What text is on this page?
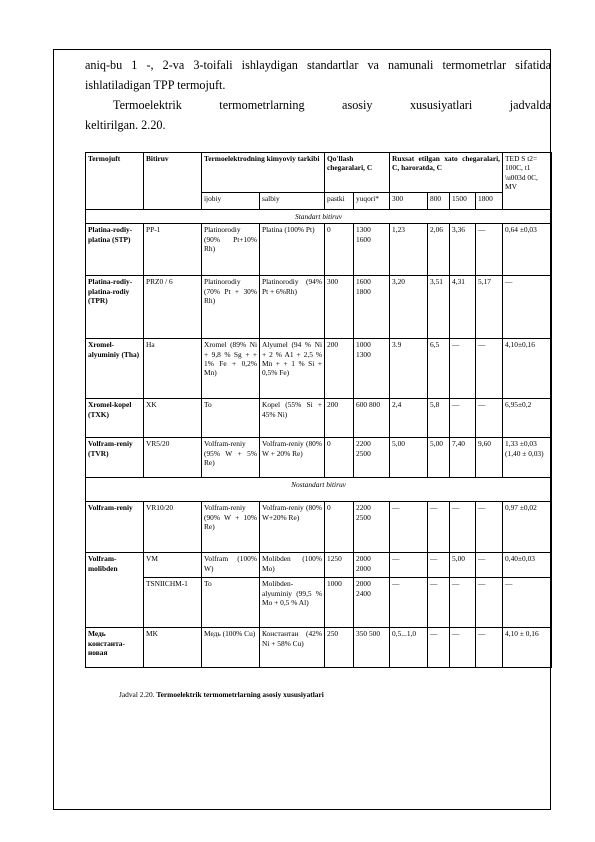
aniq-bu 1 -, 2-va 3-toifali ishlaydigan standartlar va namunali termometrlar sifatida

ishlatiladigan TPP termojuft.

Termoelektrik termometrlarning asosiy xususiyatlari jadvalda

keltirilgan. 2.20.

Termojuft	Bitiruv	Termoelektrodning kimyoviy tarkibi		Qo'llash chegaralari, C		Ruxsat etilgan xato chegaralari, C, haroratda, C				TED S t2= 100C, t1 \u003d 0C, MV
		ijobiy	salbiy	pastki	yuqori*	300	800	1500	1800	
Standart bitiruv										
Platina-rodiy-platina (STP)	PP-1	Platinorodiy (90% Pt+10% Rh)	Platina (100% Pt)	0	1300 1600	1,23	2,06	3,36	—	0,64 ±0,03
Platina-rodiy-platina-rodiy (TPR)	PRZ0 / 6	Platinorodiy (70% Pt + 30% Rh)	Platinorodiy (94% Pt + 6%Rh)	300	1600 1800	3,20	3,51	4,31	5,17	—
Xromel-alyuminiy (Tha)	Ha	Xromel (89% Ni + 9,8 % Sg + + 1% Fe + 0,2% Mn)	Alyumel (94 % Ni + 2 % A1 + 2,5 % Mn + + 1 % Si + 0,5% Fe)	200	1000 1300	3.9	6,5	—	—	4,10±0,16
Xromel-kopel (TXK)	XK	To	Kopel (55% Si + 45% Ni)	200	600 800	2,4	5,8	—	—	6,95±0,2
Volfram-reniy (TVR)	VR5/20	Volfram-reniy (95% W + 5% Re)	Volfram-reniy (80% W + 20% Re)	0	2200 2500	5,00	5,00	7,40	9,60	1,33 ±0,03 (1,40 ± 0,03)
Nostandart bitiruv										
Volfram-reniy	VR10/20	Volfram-reniy (90% W + 10% Re)	Volfram-reniy (80% W+20% Re)	0	2200 2500	—	—	—	—	0,97 ±0,02
Volfram-molibden	VM	Volfram (100% W)	Molibden (100% Mo)	1250	2000 2000	—	—	5,00	—	0,40±0,03
	TSNIICHM-1	To	Molibden-alyuminiy (99,5 % Mo + 0,5 % Al)	1000	2000 2400	—	—	—	—	—
Медь константа-новая	MK	Медь (100% Cu)	Константан (42% Ni + 58% Cu)	250	350 500	0,5...1,0	—	—	—	4,10 ± 0,16
Jadval 2.20. Termoelektrik termometrlarning asosiy xususiyatlari
